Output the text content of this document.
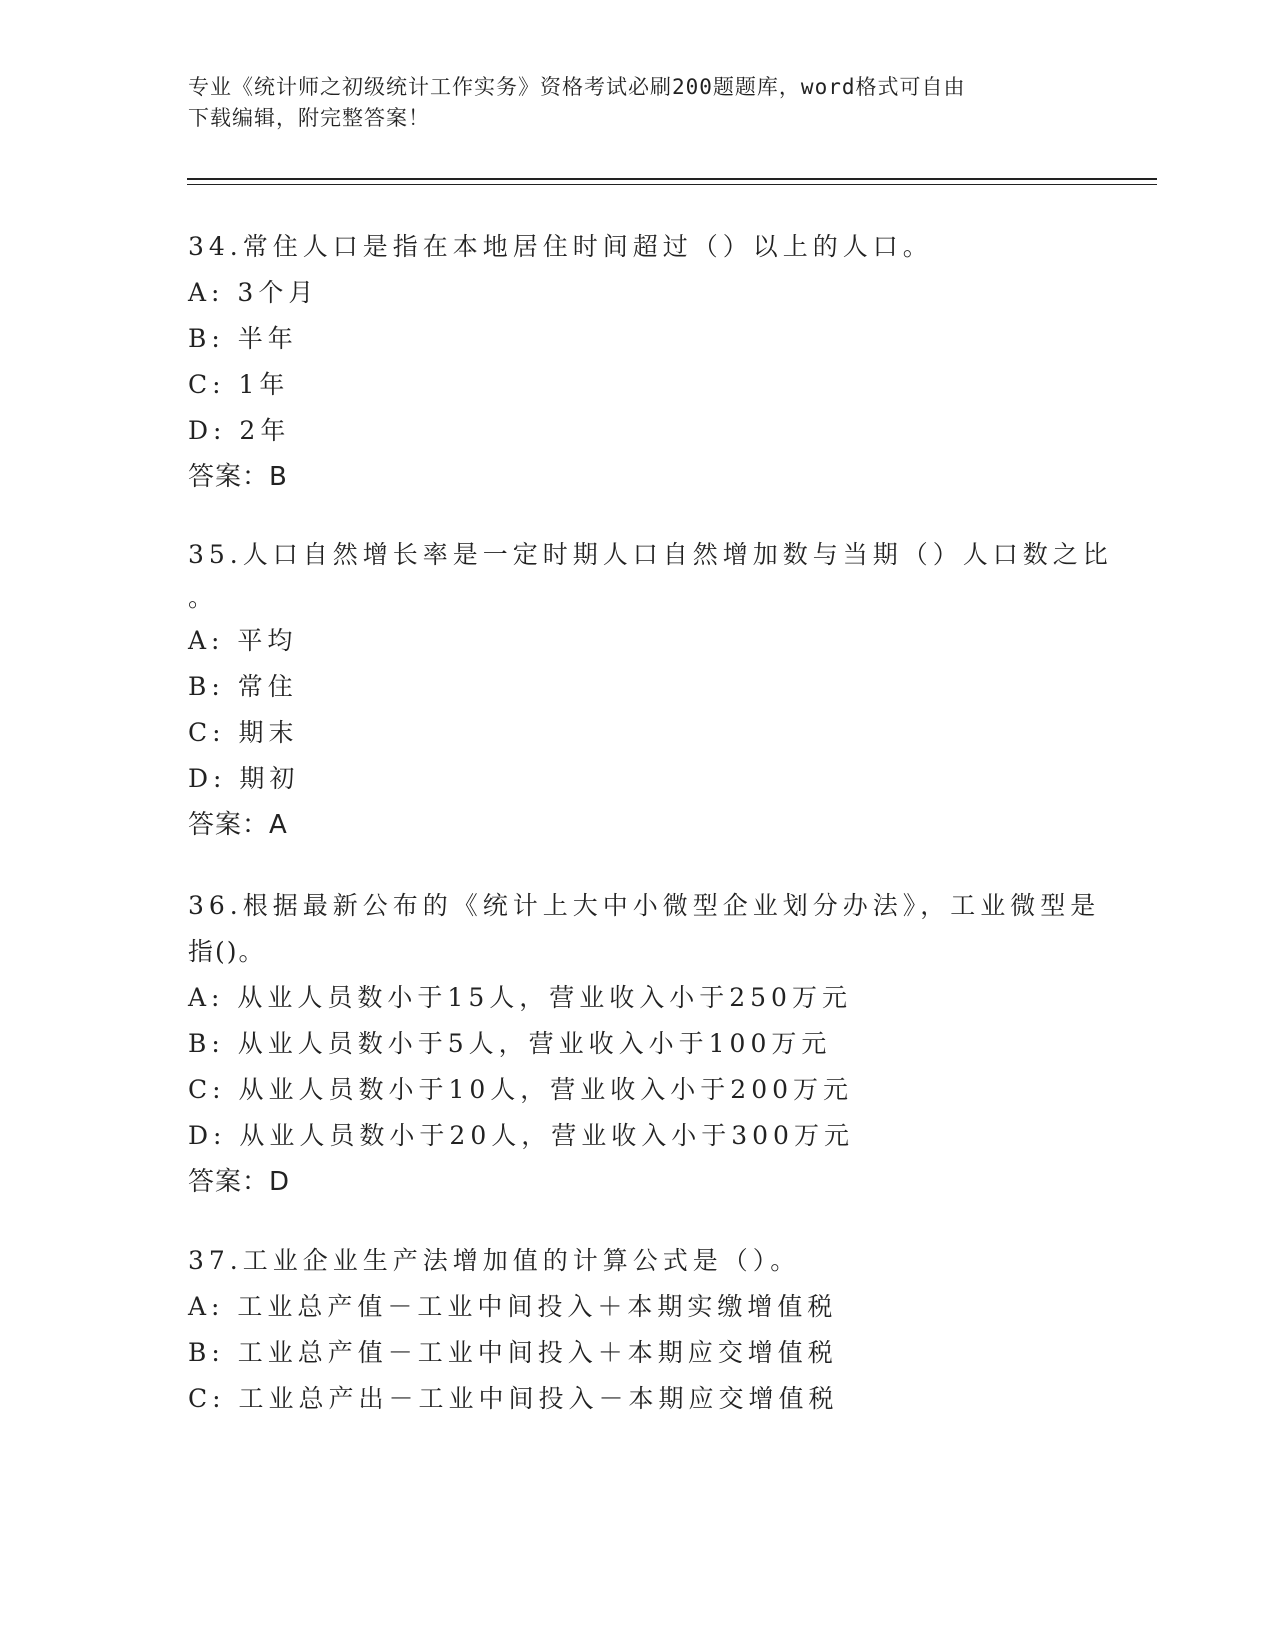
专业《统计师之初级统计工作实务》资格考试必刷200题题库，word格式可自由
下载编辑，附完整答案！
34.常住人口是指在本地居住时间超过（）以上的人口。
A: 3个月
B: 半年
C: 1年
D: 2年
答案：B
35.人口自然增长率是一定时期人口自然增加数与当期（）人口数之比
。
A: 平均
B: 常住
C: 期末
D: 期初
答案：A
36.根据最新公布的《统计上大中小微型企业划分办法》，工业微型是
指()。
A: 从业人员数小于15人，营业收入小于250万元
B: 从业人员数小于5人，营业收入小于100万元
C: 从业人员数小于10人，营业收入小于200万元
D: 从业人员数小于20人，营业收入小于300万元
答案：D
37.工业企业生产法增加值的计算公式是（）。
A: 工业总产值－工业中间投入＋本期实缴增值税
B: 工业总产值－工业中间投入＋本期应交增值税
C: 工业总产出－工业中间投入－本期应交增值税
